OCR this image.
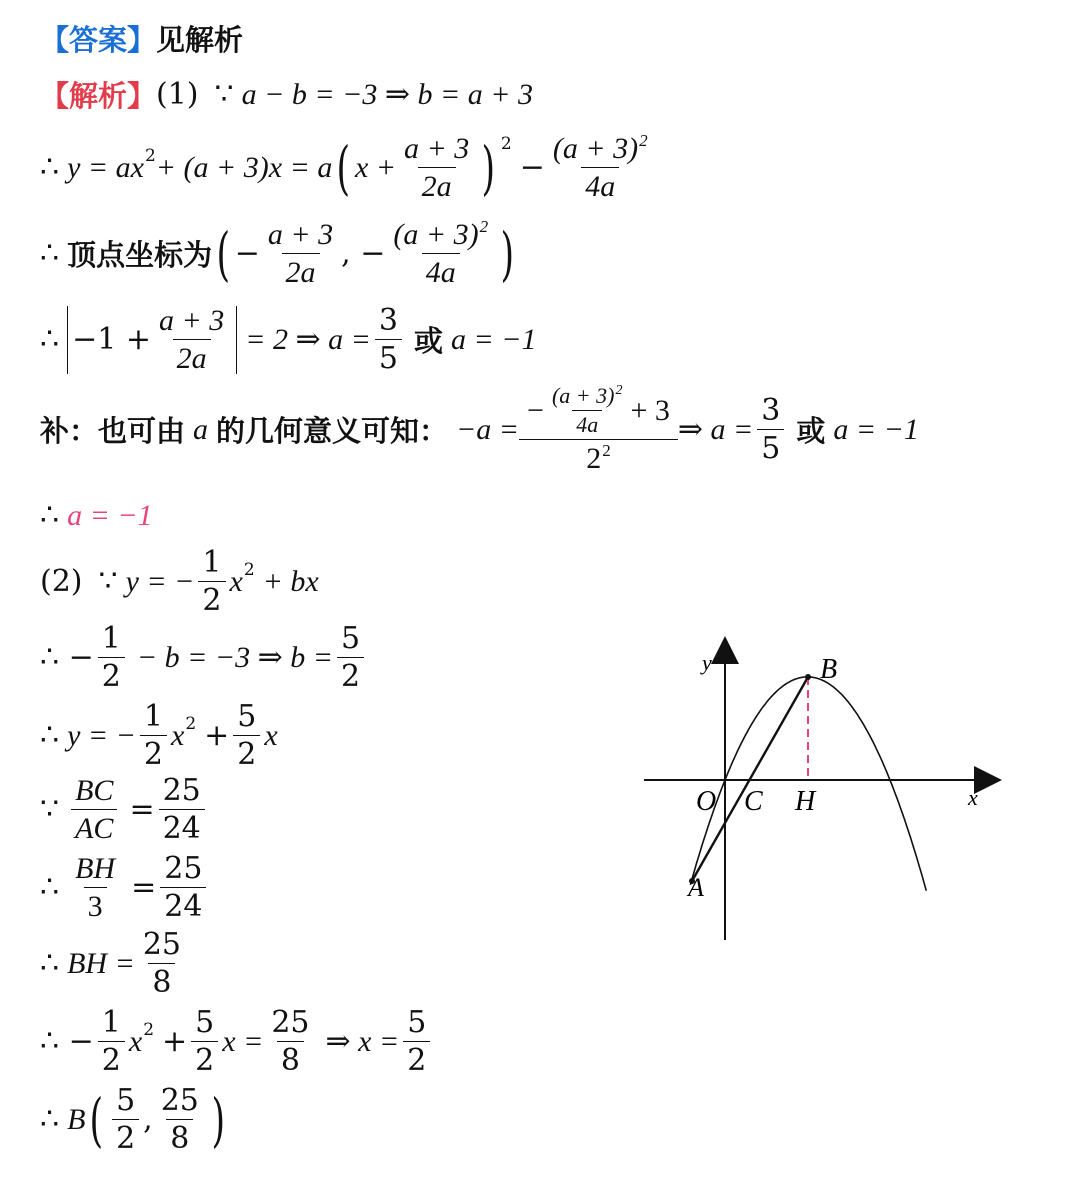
【答案】 见解析
【解析】 (1) ∵ a − b = −3 ⇒ b = a + 3
∴ y = ax 2 + (a + 3)x = a ( $x + \frac{a + 3}{2a}$ ) 2
− $\frac{(a + 3)^2}{4a}$
∴ 顶点坐标为 ( − $\frac{a + 3}{2a}$ , − $\frac{(a + 3)^2}{4a}$ )
∴ $-1 + \frac{a + 3}{2a} = 2$ ⇒ $a = \frac{3}{5}$ 或 a = −1
补：也可由 a 的几何意义可知： $-a = \frac{- \frac{(a + 3)^2}{4a} + 3}{2^2}$ ⇒ $a = \frac{3}{5}$ 或 a = −1
∴ a = −1
(2) ∵ y = − $\frac{1}{2}$ x 2 + bx
∴ − $\frac{1}{2} - b = -3$ ⇒ $b = \frac{5}{2}$
∴ y = − $\frac{1}{2}$ x $2 + \frac{5}{2}$ x
∵ $\frac{BC}{AC} = \frac{25}{24}$
∴ $\frac{BH}{3} = \frac{25}{24}$
∴ BH = $\frac{25}{8}$
∴ − $\frac{1}{2}$ x $2 + \frac{5}{2}$ $x = \frac{25}{8}$ ⇒ $x = \frac{5}{2}$
∴ B ( $\frac{5}{2}$ , $\frac{25}{8}$ )
y
x
O C H
B
A
